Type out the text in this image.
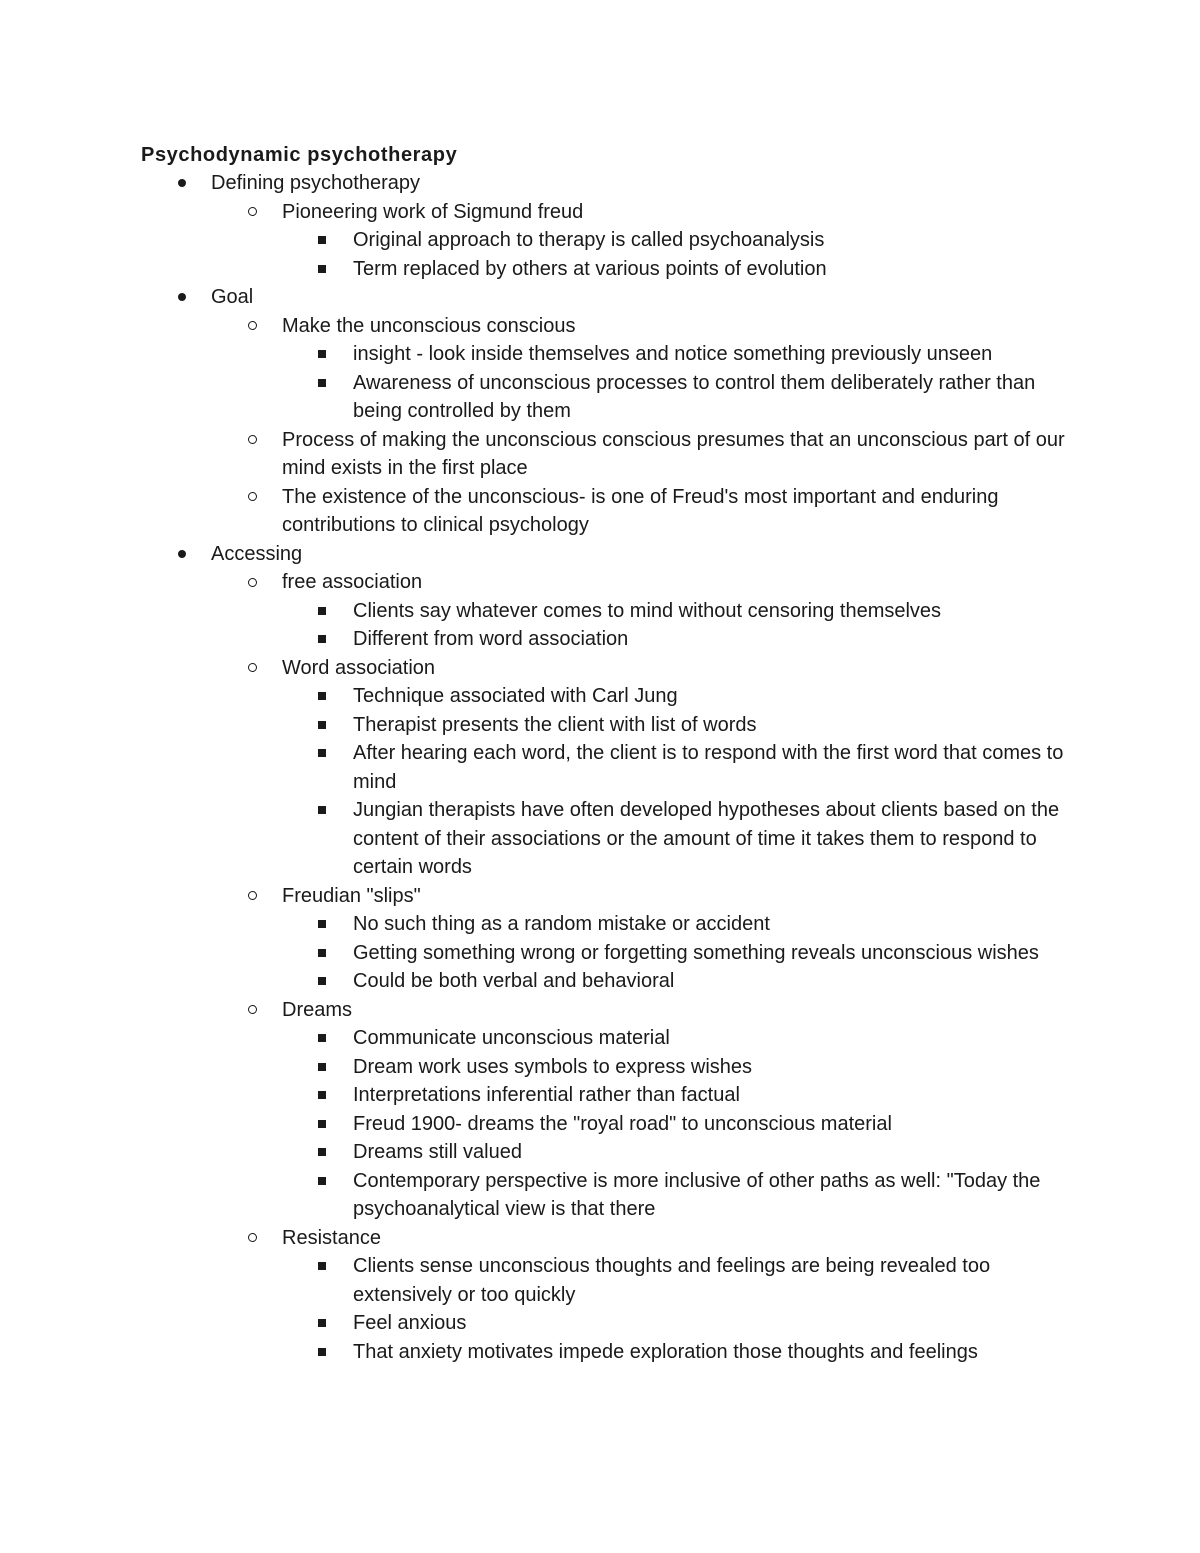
Psychodynamic psychotherapy
Defining psychotherapy
Pioneering work of Sigmund freud
Original approach to therapy is called psychoanalysis
Term replaced by others at various points of evolution
Goal
Make the unconscious conscious
insight - look inside themselves and notice something previously unseen
Awareness of unconscious processes to control them deliberately rather than being controlled by them
Process of making the unconscious conscious presumes that an unconscious part of our mind exists in the first place
The existence of the unconscious- is one of Freud's most important and enduring contributions to clinical psychology
Accessing
free association
Clients say whatever comes to mind without censoring themselves
Different from word association
Word association
Technique associated with Carl Jung
Therapist presents the client with list of words
After hearing each word, the client is to respond with the first word that comes to mind
Jungian therapists have often developed hypotheses about clients based on the content of their associations or the amount of time it takes them to respond to certain words
Freudian "slips"
No such thing as a random mistake or accident
Getting something wrong or forgetting something reveals unconscious wishes
Could be both verbal and behavioral
Dreams
Communicate unconscious material
Dream work uses symbols to express wishes
Interpretations inferential rather than factual
Freud 1900- dreams the "royal road" to unconscious material
Dreams still valued
Contemporary perspective is more inclusive of other paths as well: "Today the psychoanalytical view is that there
Resistance
Clients sense unconscious thoughts and feelings are being revealed too extensively or too quickly
Feel anxious
That anxiety motivates impede exploration those thoughts and feelings
